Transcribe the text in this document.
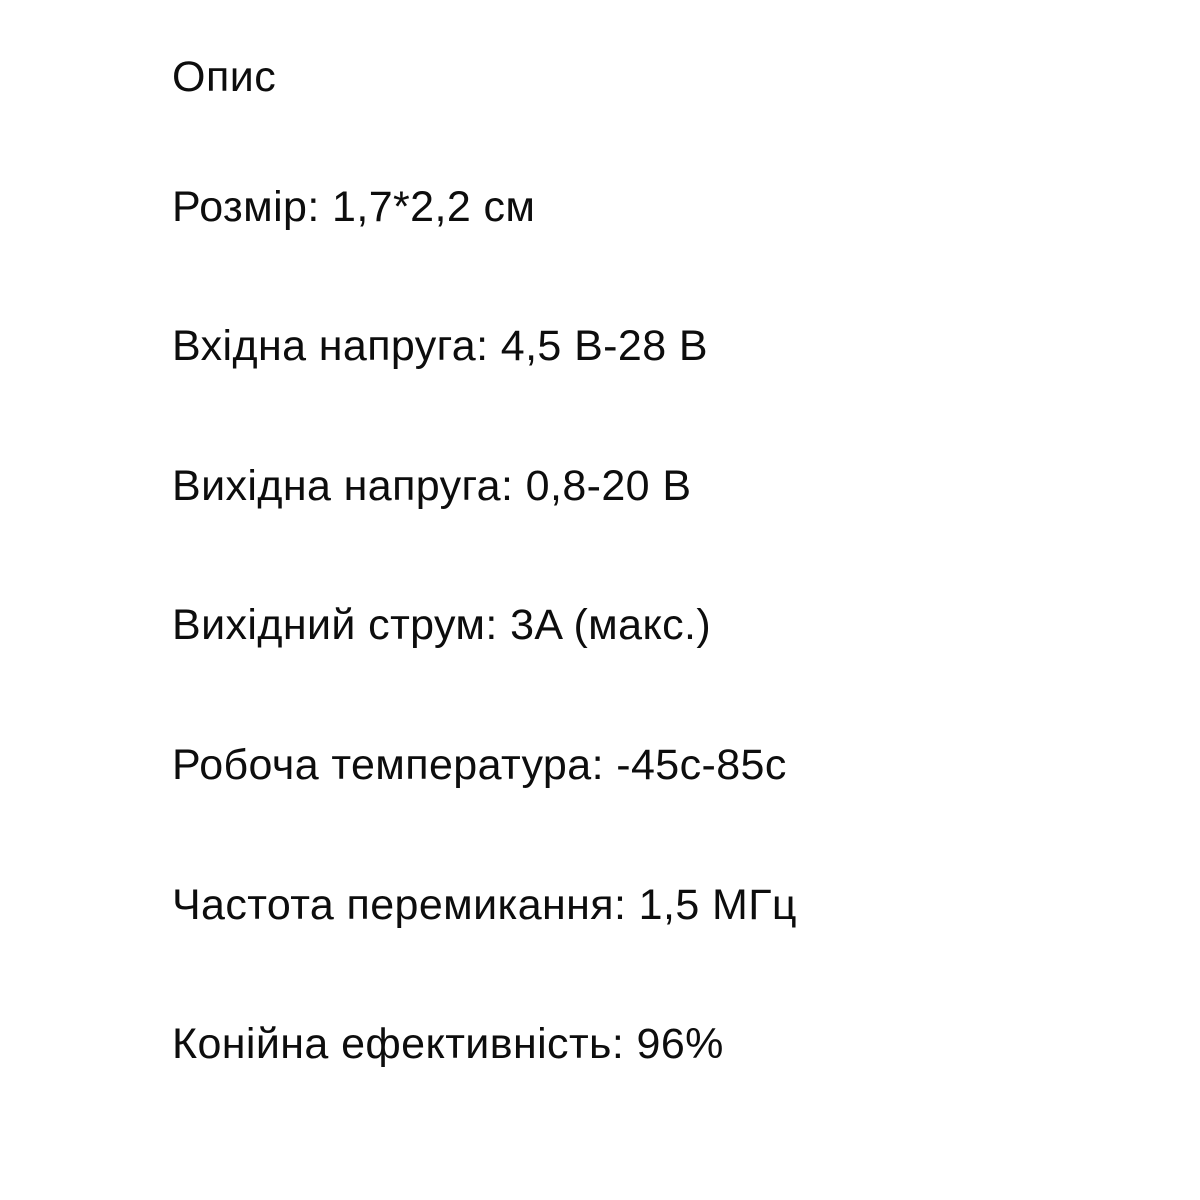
Опис
Розмір: 1,7*2,2 см
Вхідна напруга: 4,5 В-28 В
Вихідна напруга: 0,8-20 В
Вихідний струм: 3A (макс.)
Робоча температура: -45c-85c
Частота перемикання: 1,5 МГц
Конійна ефективність: 96%
